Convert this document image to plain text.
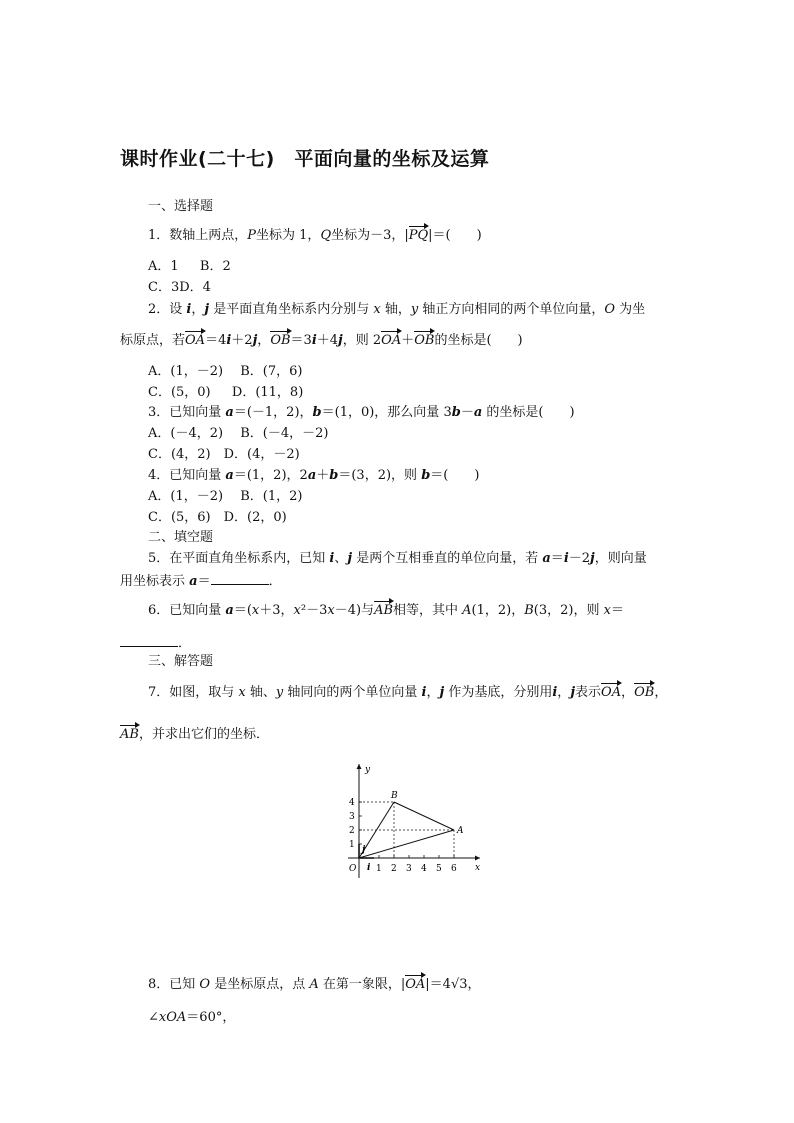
课时作业(二十七)　平面向量的坐标及运算
一、选择题
1．数轴上两点，P坐标为 1，Q坐标为－3，|PQ|＝(　　)
A．1　  B．2
C．3D．4
2．设 i，j 是平面直角坐标系内分别与 x 轴，y 轴正方向相同的两个单位向量，O 为坐
标原点，若OA＝4i＋2j，OB＝3i＋4j，则 2OA＋OB的坐标是(　　)
A．(1，－2)　 B．(7，6)
C．(5，0)　  D．(11，8)
3．已知向量 a＝(－1，2)，b＝(1，0)，那么向量 3b－a 的坐标是(　　)
A．(－4，2)　 B．(－4，－2)
C．(4，2)　D．(4，－2)
4．已知向量 a＝(1，2)，2a＋b＝(3，2)，则 b＝(　　)
A．(1，－2)　 B．(1，2)
C．(5，6)　D．(2，0)
二、填空题
5．在平面直角坐标系内，已知 i、j 是两个互相垂直的单位向量，若 a＝i－2j，则向量
用坐标表示 a＝	．
6．已知向量 a＝(x＋3，x²－3x－4)与AB相等，其中 A(1，2)，B(3，2)，则 x＝
．
三、解答题
7．如图，取与 x 轴、y 轴同向的两个单位向量 i，j 作为基底，分别用i，j表示OA，OB，
AB，并求出它们的坐标．
x
y
O 1 2 3 4 5 6
1
2
3
4
B
A
i
j
8．已知 O 是坐标原点，点 A 在第一象限，|OA|＝4√3，
∠xOA＝60°，
